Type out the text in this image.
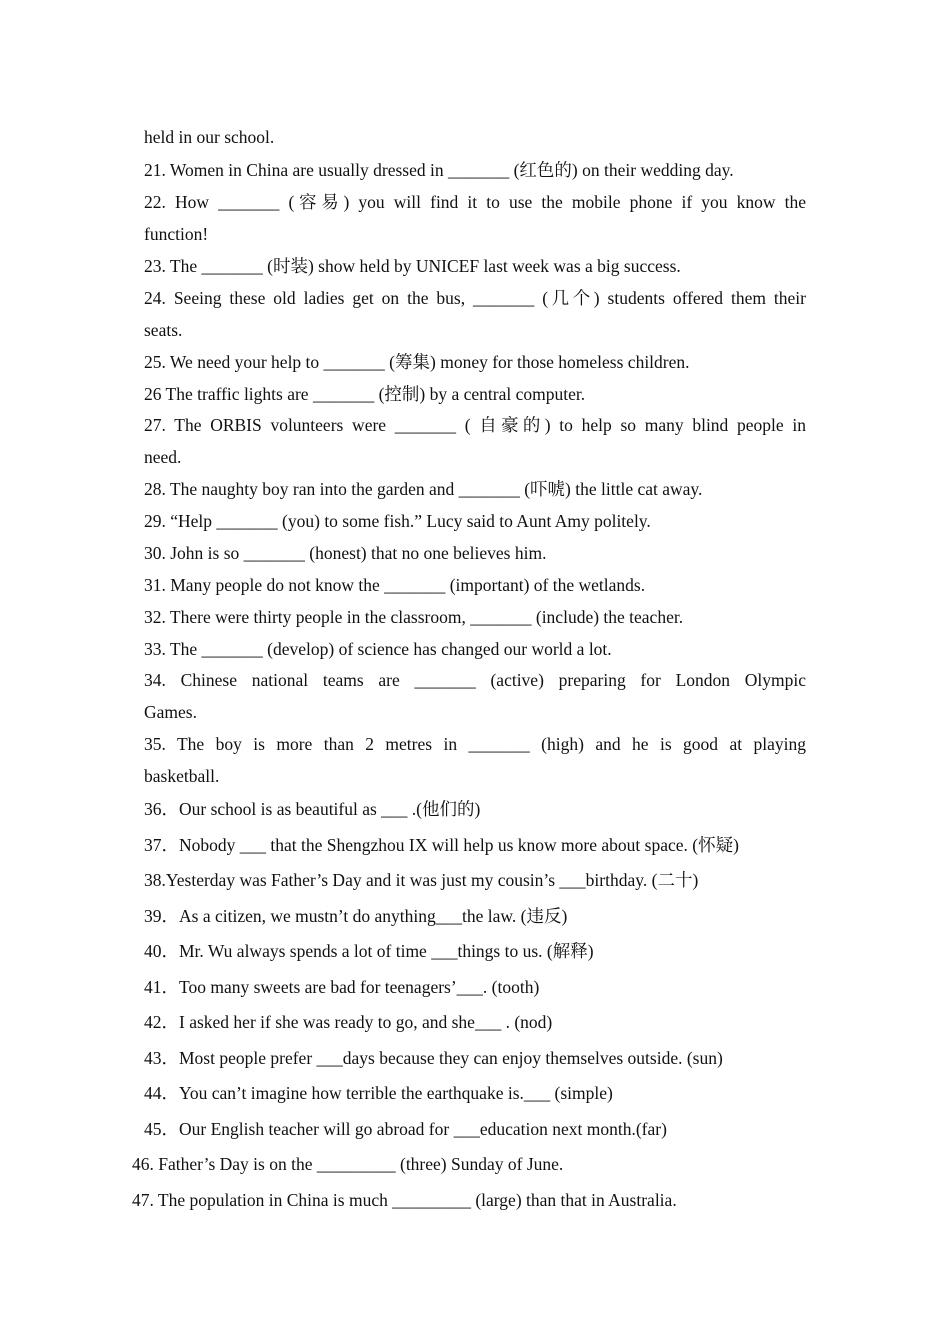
held in our school.
21. Women in China are usually dressed in _______ (红色的) on their wedding day.
22. How _______ (容易) you will find it to use the mobile phone if you know the
function!
23. The _______ (时装) show held by UNICEF last week was a big success.
24. Seeing these old ladies get on the bus, _______ (几个) students offered them their
seats.
25. We need your help to _______ (筹集) money for those homeless children.
26 The traffic lights are _______ (控制) by a central computer.
27. The ORBIS volunteers were _______ ( 自豪的) to help so many blind people in
need.
28. The naughty boy ran into the garden and _______ (吓唬) the little cat away.
29. “Help _______ (you) to some fish.” Lucy said to Aunt Amy politely.
30. John is so _______ (honest) that no one believes him.
31. Many people do not know the _______ (important) of the wetlands.
32. There were thirty people in the classroom, _______ (include) the teacher.
33. The _______ (develop) of science has changed our world a lot.
34. Chinese national teams are _______ (active) preparing for London Olympic
Games.
35. The boy is more than 2 metres in _______ (high) and he is good at playing
basketball.
36．Our school is as beautiful as ___ .(他们的)
37．Nobody ___ that the Shengzhou IX will help us know more about space. (怀疑)
38.Yesterday was Father’s Day and it was just my cousin’s ___birthday. (二十)
39．As a citizen, we mustn’t do anything___the law. (违反)
40．Mr. Wu always spends a lot of time ___things to us. (解释)
41．Too many sweets are bad for teenagers’___. (tooth)
42．I asked her if she was ready to go, and she___ . (nod)
43．Most people prefer ___days because they can enjoy themselves outside. (sun)
44．You can’t imagine how terrible the earthquake is.___ (simple)
45．Our English teacher will go abroad for ___education next month.(far)
46. Father’s Day is on the _________ (three) Sunday of June.
47. The population in China is much _________ (large) than that in Australia.
